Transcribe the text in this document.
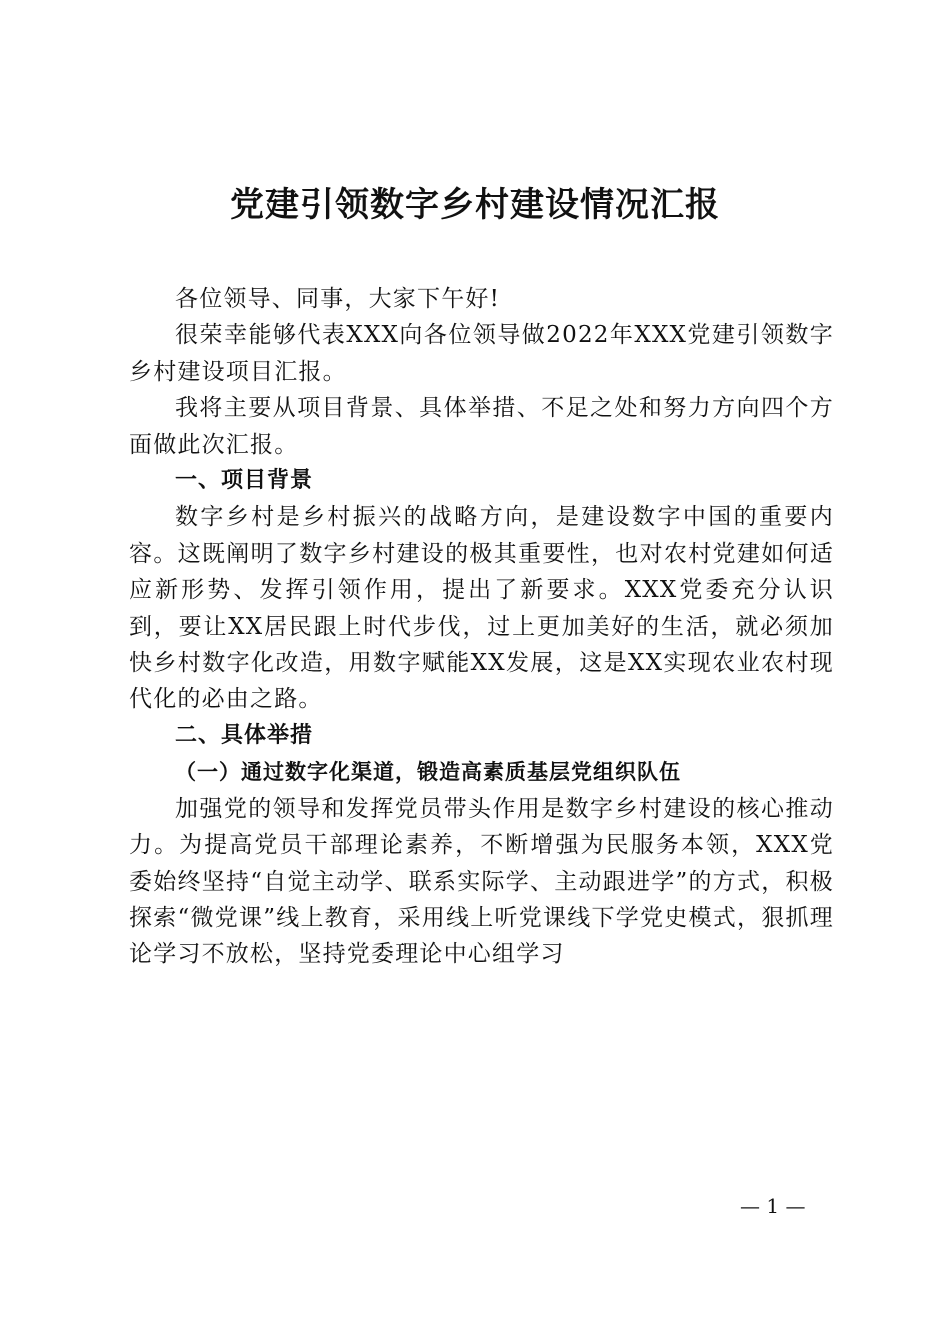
党建引领数字乡村建设情况汇报

各位领导、同事，大家下午好!

很荣幸能够代表XXX向各位领导做2022年XXX党建引领数字乡村建设项目汇报。

我将主要从项目背景、具体举措、不足之处和努力方向四个方面做此次汇报。

一、项目背景

数字乡村是乡村振兴的战略方向，是建设数字中国的重要内容。这既阐明了数字乡村建设的极其重要性，也对农村党建如何适应新形势、发挥引领作用，提出了新要求。XXX党委充分认识到，要让XX居民跟上时代步伐，过上更加美好的生活，就必须加快乡村数字化改造，用数字赋能XX发展，这是XX实现农业农村现代化的必由之路。

二、具体举措
（一）通过数字化渠道，锻造高素质基层党组织队伍

加强党的领导和发挥党员带头作用是数字乡村建设的核心推动力。为提高党员干部理论素养，不断增强为民服务本领，XXX党委始终坚持“自觉主动学、联系实际学、主动跟进学”的方式，积极探索“微党课”线上教育，采用线上听党课线下学党史模式，狠抓理论学习不放松，坚持党委理论中心组学习

— 1 —
